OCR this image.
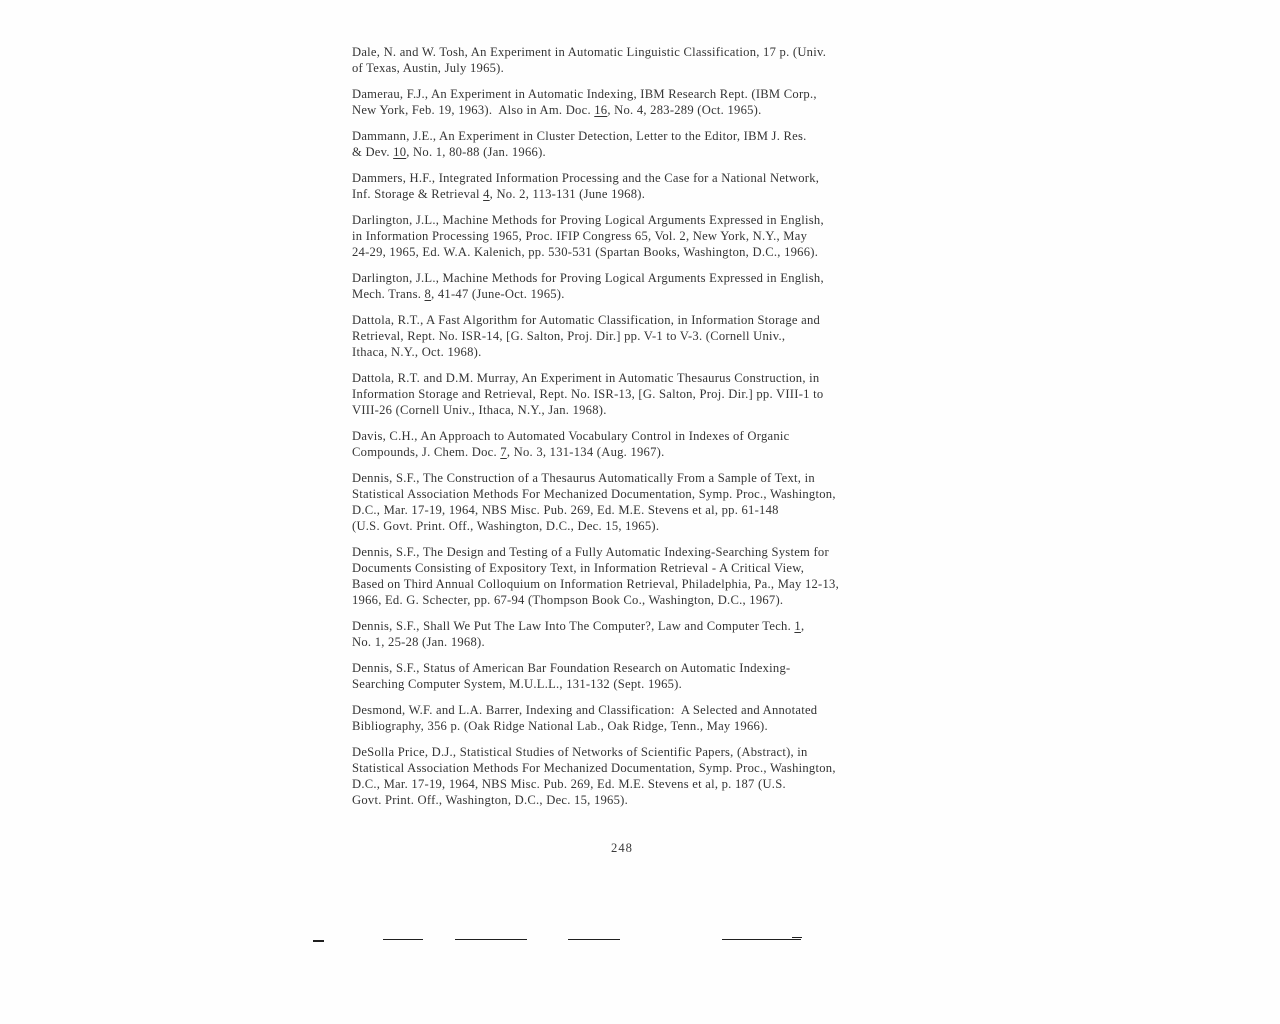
Dale, N. and W. Tosh, An Experiment in Automatic Linguistic Classification, 17 p. (Univ.
of Texas, Austin, July 1965).
Damerau, F.J., An Experiment in Automatic Indexing, IBM Research Rept. (IBM Corp.,
New York, Feb. 19, 1963).  Also in Am. Doc. 16, No. 4, 283-289 (Oct. 1965).
Dammann, J.E., An Experiment in Cluster Detection, Letter to the Editor, IBM J. Res.
& Dev. 10, No. 1, 80-88 (Jan. 1966).
Dammers, H.F., Integrated Information Processing and the Case for a National Network,
Inf. Storage & Retrieval 4, No. 2, 113-131 (June 1968).
Darlington, J.L., Machine Methods for Proving Logical Arguments Expressed in English,
in Information Processing 1965, Proc. IFIP Congress 65, Vol. 2, New York, N.Y., May
24-29, 1965, Ed. W.A. Kalenich, pp. 530-531 (Spartan Books, Washington, D.C., 1966).
Darlington, J.L., Machine Methods for Proving Logical Arguments Expressed in English,
Mech. Trans. 8, 41-47 (June-Oct. 1965).
Dattola, R.T., A Fast Algorithm for Automatic Classification, in Information Storage and
Retrieval, Rept. No. ISR-14, [G. Salton, Proj. Dir.] pp. V-1 to V-3. (Cornell Univ.,
Ithaca, N.Y., Oct. 1968).
Dattola, R.T. and D.M. Murray, An Experiment in Automatic Thesaurus Construction, in
Information Storage and Retrieval, Rept. No. ISR-13, [G. Salton, Proj. Dir.] pp. VIII-1 to
VIII-26 (Cornell Univ., Ithaca, N.Y., Jan. 1968).
Davis, C.H., An Approach to Automated Vocabulary Control in Indexes of Organic
Compounds, J. Chem. Doc. 7, No. 3, 131-134 (Aug. 1967).
Dennis, S.F., The Construction of a Thesaurus Automatically From a Sample of Text, in
Statistical Association Methods For Mechanized Documentation, Symp. Proc., Washington,
D.C., Mar. 17-19, 1964, NBS Misc. Pub. 269, Ed. M.E. Stevens et al, pp. 61-148
(U.S. Govt. Print. Off., Washington, D.C., Dec. 15, 1965).
Dennis, S.F., The Design and Testing of a Fully Automatic Indexing-Searching System for
Documents Consisting of Expository Text, in Information Retrieval - A Critical View,
Based on Third Annual Colloquium on Information Retrieval, Philadelphia, Pa., May 12-13,
1966, Ed. G. Schecter, pp. 67-94 (Thompson Book Co., Washington, D.C., 1967).
Dennis, S.F., Shall We Put The Law Into The Computer?, Law and Computer Tech. 1,
No. 1, 25-28 (Jan. 1968).
Dennis, S.F., Status of American Bar Foundation Research on Automatic Indexing-
Searching Computer System, M.U.L.L., 131-132 (Sept. 1965).
Desmond, W.F. and L.A. Barrer, Indexing and Classification:  A Selected and Annotated
Bibliography, 356 p. (Oak Ridge National Lab., Oak Ridge, Tenn., May 1966).
DeSolla Price, D.J., Statistical Studies of Networks of Scientific Papers, (Abstract), in
Statistical Association Methods For Mechanized Documentation, Symp. Proc., Washington,
D.C., Mar. 17-19, 1964, NBS Misc. Pub. 269, Ed. M.E. Stevens et al, p. 187 (U.S.
Govt. Print. Off., Washington, D.C., Dec. 15, 1965).
248
